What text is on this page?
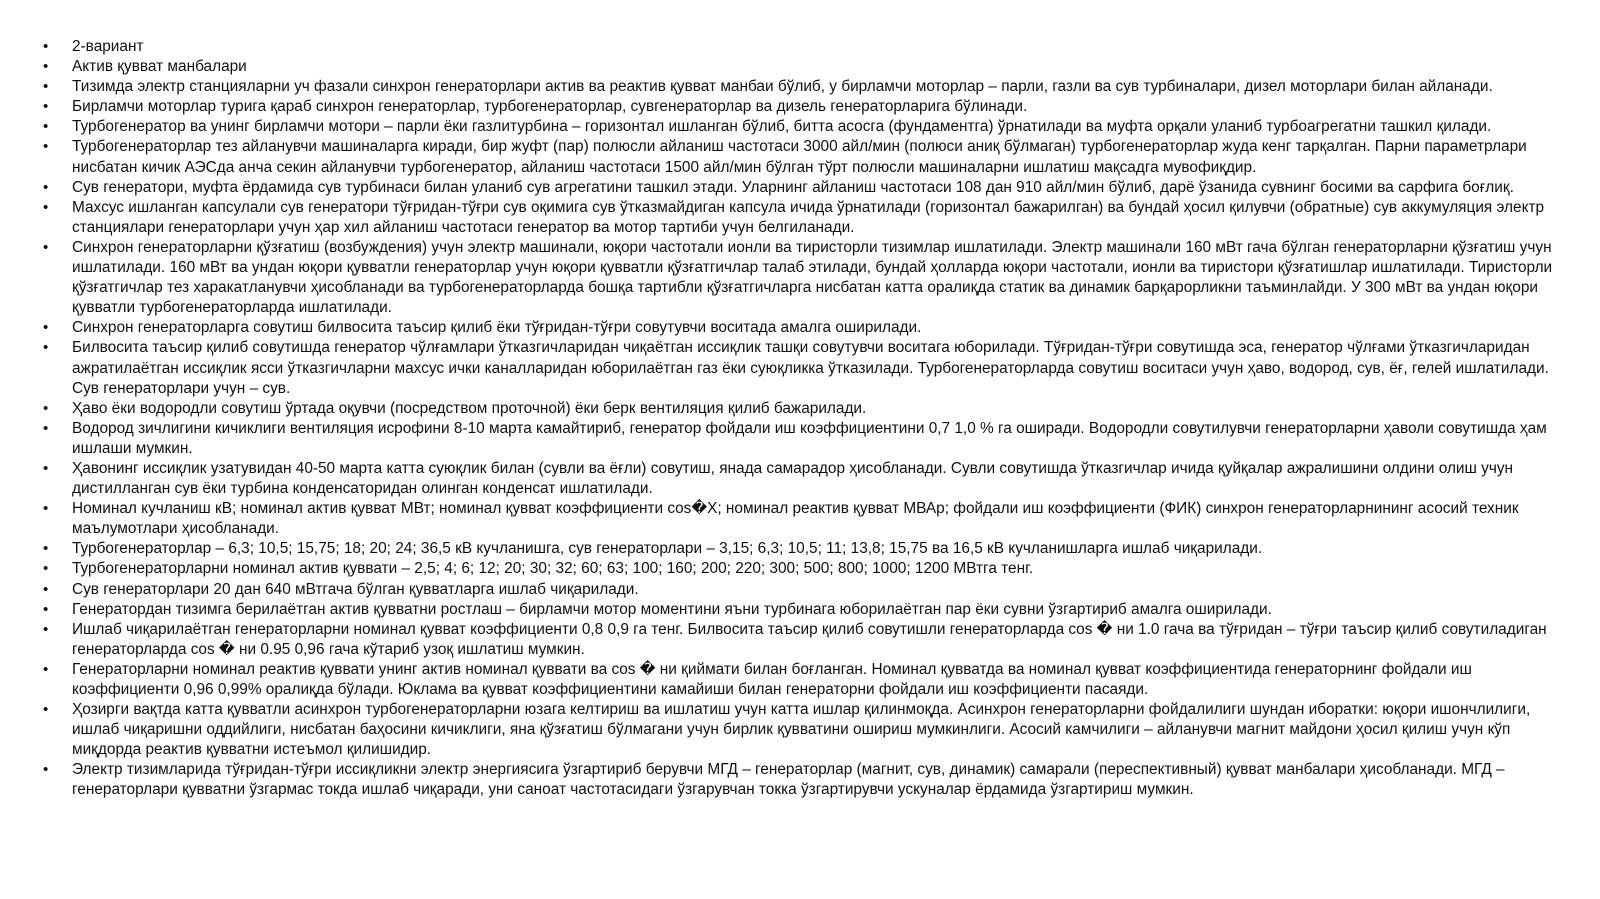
• 2-вариант
• Актив қувват манбалари
• Тизимда электр станцияларни уч фазали синхрон генераторлари актив ва реактив қувват манбаи бўлиб, у бирламчи моторлар – парли, газли ва сув турбиналари, дизел моторлари билан айланади.
• Бирламчи моторлар турига қараб синхрон генераторлар, турбогенераторлар, сувгенераторлар ва дизель генераторларига бўлинади.
• Турбогенератор ва унинг бирламчи мотори – парли ёки газлитурбина – горизонтал ишланган бўлиб, битта асосга (фундаментга) ўрнатилади ва муфта орқали уланиб турбоагрегатни ташкил қилади.
• Турбогенераторлар тез айланувчи машиналарга киради, бир жуфт (пар) полюсли айланиш частотаси 3000 айл/мин (полюси аниқ бўлмаган) турбогенераторлар жуда кенг тарқалган. Парни параметрлари нисбатан кичик АЭСда анча секин айланувчи турбогенератор, айланиш частотаси 1500 айл/мин бўлган тўрт полюсли машиналарни ишлатиш мақсадга мувофиқдир.
• Сув генератори, муфта ёрдамида сув турбинаси билан уланиб сув агрегатини ташкил этади. Уларнинг айланиш частотаси 108 дан 910 айл/мин бўлиб, дарё ўзанида сувнинг босими ва сарфига боғлиқ.
• Махсус ишланган капсулали сув генератори тўғридан-тўғри сув оқимига сув ўтказмайдиган капсула ичида ўрнатилади (горизонтал бажарилган) ва бундай ҳосил қилувчи (обратные) сув аккумуляция электр станциялари генераторлари учун ҳар хил айланиш частотаси генератор ва мотор тартиби учун белгиланади.
• Синхрон генераторларни қўзғатиш (возбуждения) учун электр машинали, юқори частотали ионли ва тиристорли тизимлар ишлатилади. Электр машинали 160 мВт гача бўлган генераторларни қўзғатиш учун ишлатилади. 160 мВт ва ундан юқори қувватли генераторлар учун юқори қувватли қўзғатгичлар талаб этилади, бундай ҳолларда юқори частотали, ионли ва тиристори қўзғатишлар ишлатилади. Тиристорли қўзғатгичлар тез харакатланувчи ҳисобланади ва турбогенераторларда бошқа тартибли қўзғатгичларга нисбатан катта оралиқда статик ва динамик барқарорликни таъминлайди. У 300 мВт ва ундан юқори қувватли турбогенераторларда ишлатилади.
• Синхрон генераторларга совутиш билвосита таъсир қилиб ёки тўғридан-тўғри совутувчи воситада амалга оширилади.
• Билвосита таъсир қилиб совутишда генератор чўлғамлари ўтказгичларидан чиқаётган иссиқлик ташқи совутувчи воситага юборилади. Тўғридан-тўғри совутишда эса, генератор чўлғами ўтказгичларидан ажратилаётган иссиқлик ясси ўтказгичларни махсус ички каналларидан юборилаётган газ ёки суюқликка ўтказилади. Турбогенераторларда совутиш воситаси учун ҳаво, водород, сув, ёғ, гелей ишлатилади. Сув генераторлари учун – сув.
• Ҳаво ёки водородли совутиш ўртада оқувчи (посредством проточной) ёки берк вентиляция қилиб бажарилади.
• Водород зичлигини кичиклиги вентиляция исрофини 8-10 марта камайтириб, генератор фойдали иш коэффициентини 0,7 1,0 % га оширади. Водородли совутилувчи генераторларни ҳаволи совутишда ҳам ишлаши мумкин.
• Ҳавонинг иссиқлик узатувидан 40-50 марта катта суюқлик билан (сувли ва ёғли) совутиш, янада самарадор ҳисобланади. Сувли совутишда ўтказгичлар ичида қуйқалар ажралишини олдини олиш учун дистилланган сув ёки турбина конденсаторидан олинган конденсат ишлатилади.
• Номинал кучланиш кВ; номинал актив қувват МВт; номинал қувват коэффициенти cos�Х; номинал реактив қувват МВАр; фойдали иш коэффициенти (ФИК) синхрон генераторларнининг асосий техник маълумотлари ҳисобланади.
• Турбогенераторлар – 6,3; 10,5; 15,75; 18; 20; 24; 36,5 кВ кучланишга, сув генераторлари – 3,15; 6,3; 10,5; 11; 13,8; 15,75 ва 16,5 кВ кучланишларга ишлаб чиқарилади.
• Турбогенераторларни номинал актив қуввати – 2,5; 4; 6; 12; 20; 30; 32; 60; 63; 100; 160; 200; 220; 300; 500; 800; 1000; 1200 МВтга тенг.
• Сув генераторлари 20 дан 640 мВтгача бўлган қувватларга ишлаб чиқарилади.
• Генератордан тизимга берилаётган актив қувватни ростлаш – бирламчи мотор моментини яъни турбинага юборилаётган пар ёки сувни ўзгартириб амалга оширилади.
• Ишлаб чиқарилаётган генераторларни номинал қувват коэффициенти 0,8 0,9 га тенг. Билвосита таъсир қилиб совутишли генераторларда cos � ни 1.0 гача ва тўғридан – тўғри таъсир қилиб совутиладиган генераторларда cos � ни 0.95 0,96 гача кўтариб узоқ ишлатиш мумкин.
• Генераторларни номинал реактив қуввати унинг актив номинал қуввати ва cos � ни қиймати билан боғланган. Номинал қувватда ва номинал қувват коэффициентида генераторнинг фойдали иш коэффициенти 0,96 0,99% оралиқда бўлади. Юклама ва қувват коэффициентини камайиши билан генераторни фойдали иш коэффициенти пасаяди.
• Ҳозирги вақтда катта қувватли асинхрон турбогенераторларни юзага келтириш ва ишлатиш учун катта ишлар қилинмоқда. Асинхрон генераторларни фойдалилиги шундан иборатки: юқори ишончлилиги, ишлаб чиқаришни оддийлиги, нисбатан баҳосини кичиклиги, яна қўзғатиш бўлмагани учун бирлик қувватини ошириш мумкинлиги. Асосий камчилиги – айланувчи магнит майдони ҳосил қилиш учун кўп миқдорда реактив қувватни истеъмол қилишидир.
• Электр тизимларида тўғридан-тўғри иссиқликни электр энергиясига ўзгартириб берувчи МГД – генераторлар (магнит, сув, динамик) самарали (переспективный) қувват манбалари ҳисобланади. МГД – генераторлари қувватни ўзгармас токда ишлаб чиқаради, уни саноат частотасидаги ўзгарувчан токка ўзгартирувчи ускуналар ёрдамида ўзгартириш мумкин.
